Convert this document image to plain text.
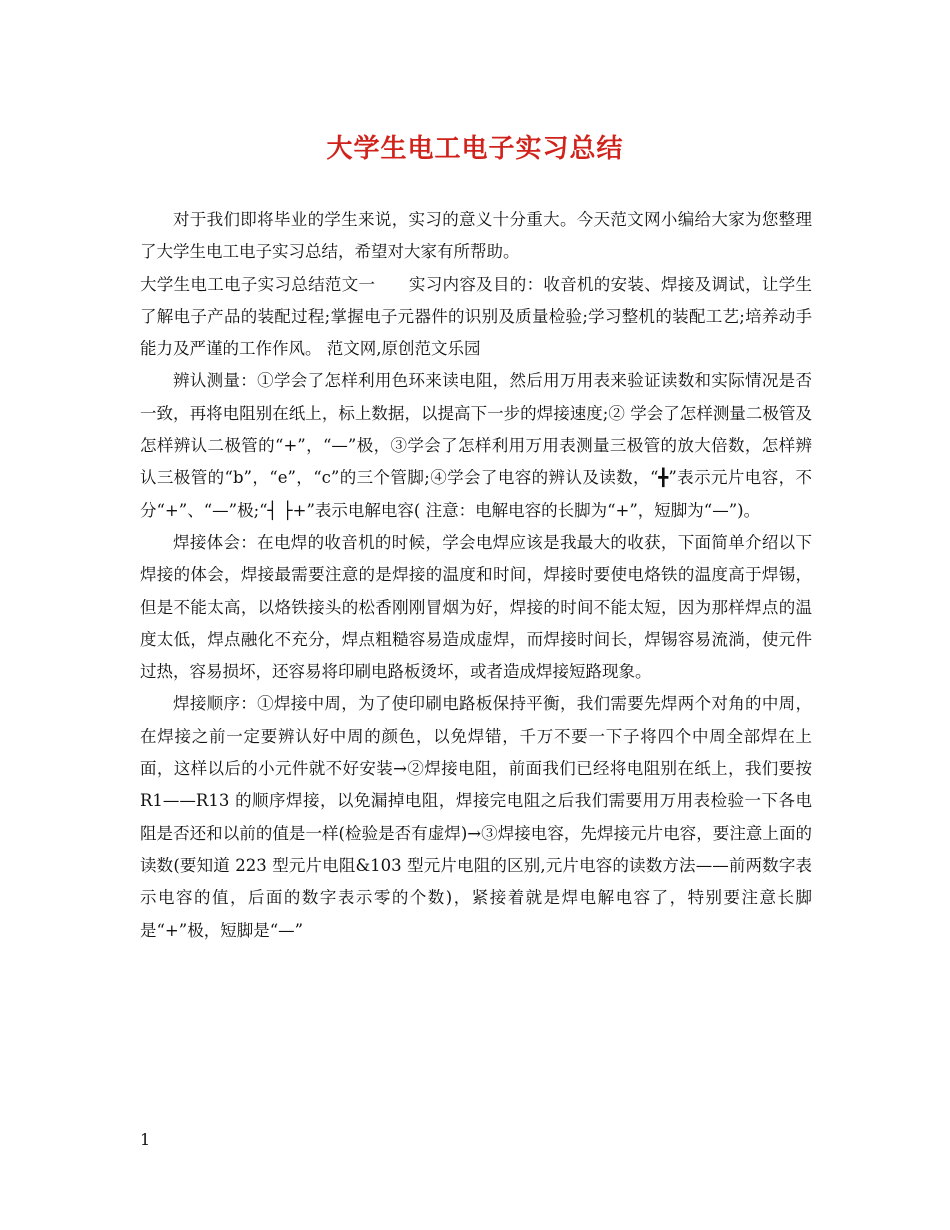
大学生电工电子实习总结

对于我们即将毕业的学生来说，实习的意义十分重大。今天范文网小编给大家为您整理了大学生电工电子实习总结，希望对大家有所帮助。

大学生电工电子实习总结范文一　　实习内容及目的：收音机的安装、焊接及调试，让学生了解电子产品的装配过程;掌握电子元器件的识别及质量检验;学习整机的装配工艺;培养动手能力及严谨的工作作风。 范文网,原创范文乐园

辨认测量：①学会了怎样利用色环来读电阻，然后用万用表来验证读数和实际情况是否一致，再将电阻别在纸上，标上数据，以提高下一步的焊接速度;② 学会了怎样测量二极管及怎样辨认二极管的“+”，“—”极，③学会了怎样利用万用表测量三极管的放大倍数，怎样辨认三极管的“b”，“e”，“c”的三个管脚;④学会了电容的辨认及读数，“╋”表示元片电容，不分“+”、“—”极;“┤ ├+”表示电解电容( 注意：电解电容的长脚为“+”，短脚为“—”)。

焊接体会：在电焊的收音机的时候，学会电焊应该是我最大的收获，下面简单介绍以下焊接的体会，焊接最需要注意的是焊接的温度和时间，焊接时要使电烙铁的温度高于焊锡，但是不能太高，以烙铁接头的松香刚刚冒烟为好，焊接的时间不能太短，因为那样焊点的温度太低，焊点融化不充分，焊点粗糙容易造成虚焊，而焊接时间长，焊锡容易流淌，使元件过热，容易损坏，还容易将印刷电路板烫坏，或者造成焊接短路现象。

焊接顺序：①焊接中周，为了使印刷电路板保持平衡，我们需要先焊两个对角的中周，在焊接之前一定要辨认好中周的颜色，以免焊错，千万不要一下子将四个中周全部焊在上面，这样以后的小元件就不好安装→②焊接电阻，前面我们已经将电阻别在纸上，我们要按 R1——R13 的顺序焊接，以免漏掉电阻，焊接完电阻之后我们需要用万用表检验一下各电阻是否还和以前的值是一样(检验是否有虚焊)→③焊接电容，先焊接元片电容，要注意上面的读数(要知道 223 型元片电阻&103 型元片电阻的区别,元片电容的读数方法——前两数字表示电容的值，后面的数字表示零的个数)，紧接着就是焊电解电容了，特别要注意长脚是“+”极，短脚是“—”

1
